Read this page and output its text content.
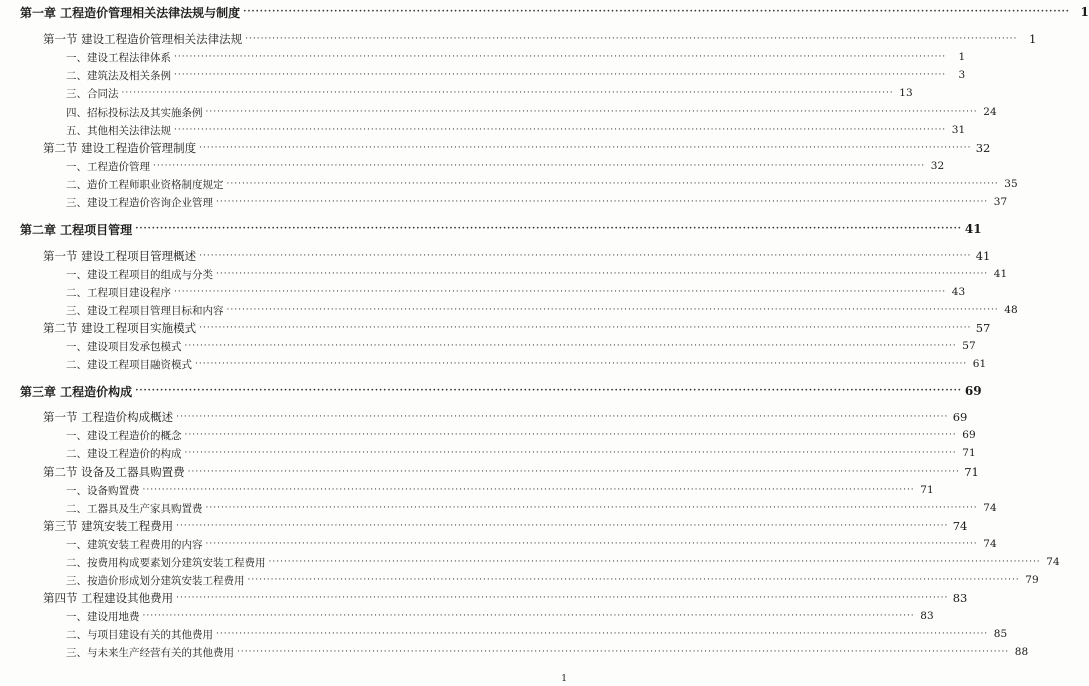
第一章 工程造价管理相关法律法规与制度 ········································································································································································································ 1
第一节 建设工程造价管理相关法律法规 ········································································································································································································	1
一、建设工程法律体系 ········································································································································································································	1
二、建筑法及相关条例 ········································································································································································································	3
三、合同法 ········································································································································································································ 13
四、招标投标法及其实施条例 ········································································································································································································ 24
五、其他相关法律法规 ········································································································································································································ 31
第二节 建设工程造价管理制度 ········································································································································································································ 32
一、工程造价管理 ········································································································································································································ 32
二、造价工程师职业资格制度规定 ········································································································································································································ 35
三、建设工程造价咨询企业管理 ········································································································································································································ 37
第二章 工程项目管理 ········································································································································································································ 41
第一节 建设工程项目管理概述 ········································································································································································································ 41
一、建设工程项目的组成与分类 ········································································································································································································ 41
二、工程项目建设程序 ········································································································································································································ 43
三、建设工程项目管理目标和内容 ········································································································································································································ 48
第二节 建设工程项目实施模式 ········································································································································································································ 57
一、建设项目发承包模式 ········································································································································································································ 57
二、建设工程项目融资模式 ········································································································································································································ 61
第三章 工程造价构成 ········································································································································································································ 69
第一节 工程造价构成概述 ········································································································································································································ 69
一、建设工程造价的概念 ········································································································································································································ 69
二、建设工程造价的构成 ········································································································································································································ 71
第二节 设备及工器具购置费 ········································································································································································································ 71
一、设备购置费 ········································································································································································································ 71
二、工器具及生产家具购置费 ········································································································································································································ 74
第三节 建筑安装工程费用 ········································································································································································································ 74
一、建筑安装工程费用的内容 ········································································································································································································ 74
二、按费用构成要素划分建筑安装工程费用 ········································································································································································································ 74
三、按造价形成划分建筑安装工程费用 ········································································································································································································ 79
第四节 工程建设其他费用 ········································································································································································································ 83
一、建设用地费 ········································································································································································································ 83
二、与项目建设有关的其他费用 ········································································································································································································ 85
三、与未来生产经营有关的其他费用 ········································································································································································································ 88
1
